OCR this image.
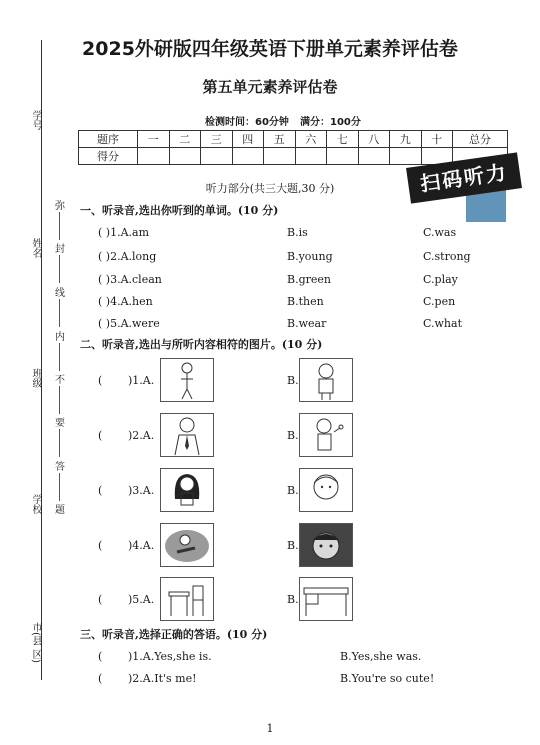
学号
姓名
班级
学校
市(县 区)
弥
封
线
内
不
要
答
题
2025外研版四年级英语下册单元素养评估卷
第五单元素养评估卷
检测时间：60分钟 满分：100分
题序	一	二	三	四	五	六	七	八	九	十	总分
得分											
扫码听力
听力部分(共三大题,30 分)
一、听录音,选出你听到的单词。(10 分)
( )1.A.am	B.is	C.was
( )2.A.long	B.young	C.strong
( )3.A.clean	B.green	C.play
( )4.A.hen	B.then	C.pen
( )5.A.were	B.wear	C.what
二、听录音,选出与所听内容相符的图片。(10 分)
( )1.A.	B.
( )2.A.	B.
( )3.A.	B.
( )4.A.	B.
( )5.A.	B.
三、听录音,选择正确的答语。(10 分)
( )1.A.Yes,she is.	B.Yes,she was.
( )2.A.It's me!	B.You're so cute!
1
